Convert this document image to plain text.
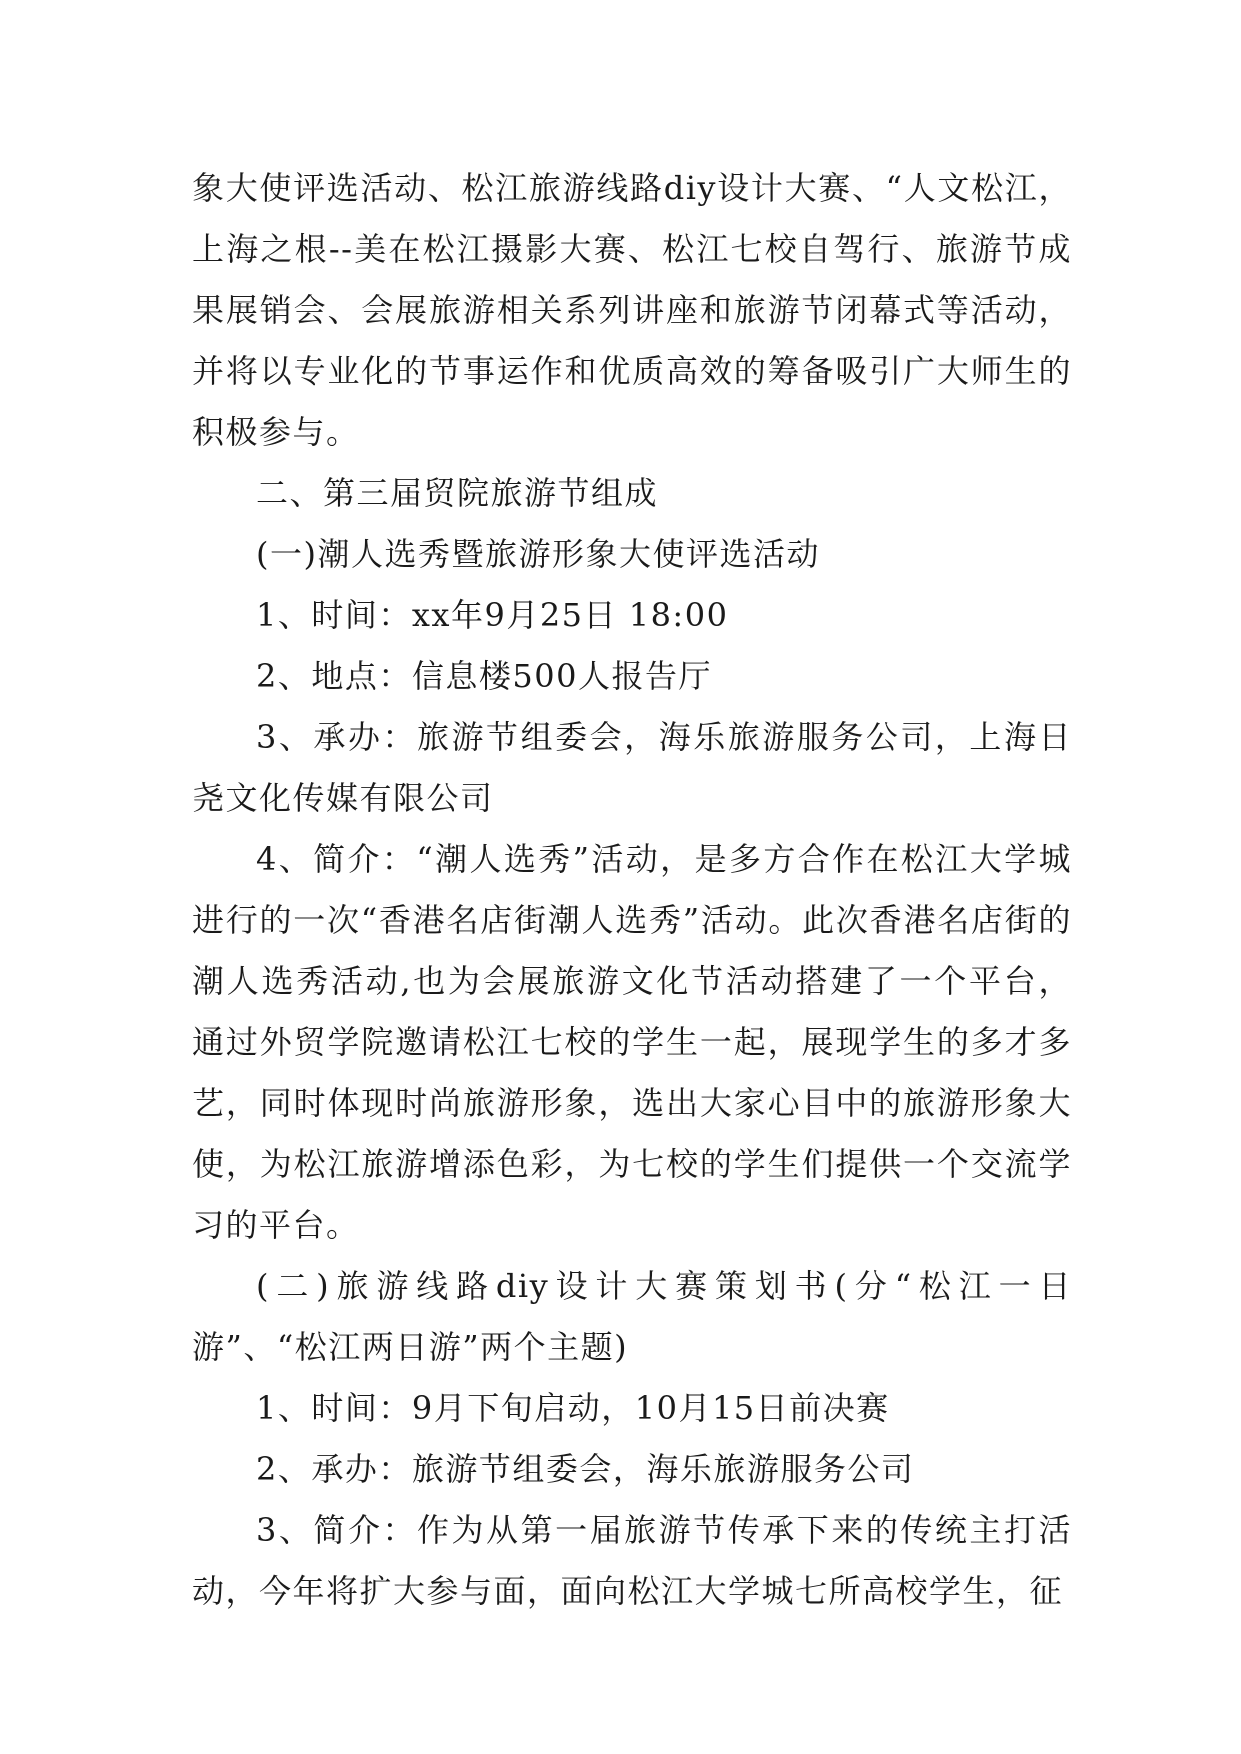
象大使评选活动、松江旅游线路diy设计大赛、“人文松江，上海之根--美在松江摄影大赛、松江七校自驾行、旅游节成果展销会、会展旅游相关系列讲座和旅游节闭幕式等活动，并将以专业化的节事运作和优质高效的筹备吸引广大师生的积极参与。

二、第三届贸院旅游节组成

(一)潮人选秀暨旅游形象大使评选活动

1、时间：xx年9月25日 18:00

2、地点：信息楼500人报告厅

3、承办：旅游节组委会，海乐旅游服务公司，上海日尧文化传媒有限公司

4、简介：“潮人选秀”活动，是多方合作在松江大学城进行的一次“香港名店街潮人选秀”活动。此次香港名店街的潮人选秀活动,也为会展旅游文化节活动搭建了一个平台，通过外贸学院邀请松江七校的学生一起，展现学生的多才多艺，同时体现时尚旅游形象，选出大家心目中的旅游形象大使，为松江旅游增添色彩，为七校的学生们提供一个交流学习的平台。

(二)旅游线路diy设计大赛策划书(分“松江一日游”、“松江两日游”两个主题)

1、时间：9月下旬启动，10月15日前决赛

2、承办：旅游节组委会，海乐旅游服务公司

3、简介：作为从第一届旅游节传承下来的传统主打活动，今年将扩大参与面，面向松江大学城七所高校学生，征
